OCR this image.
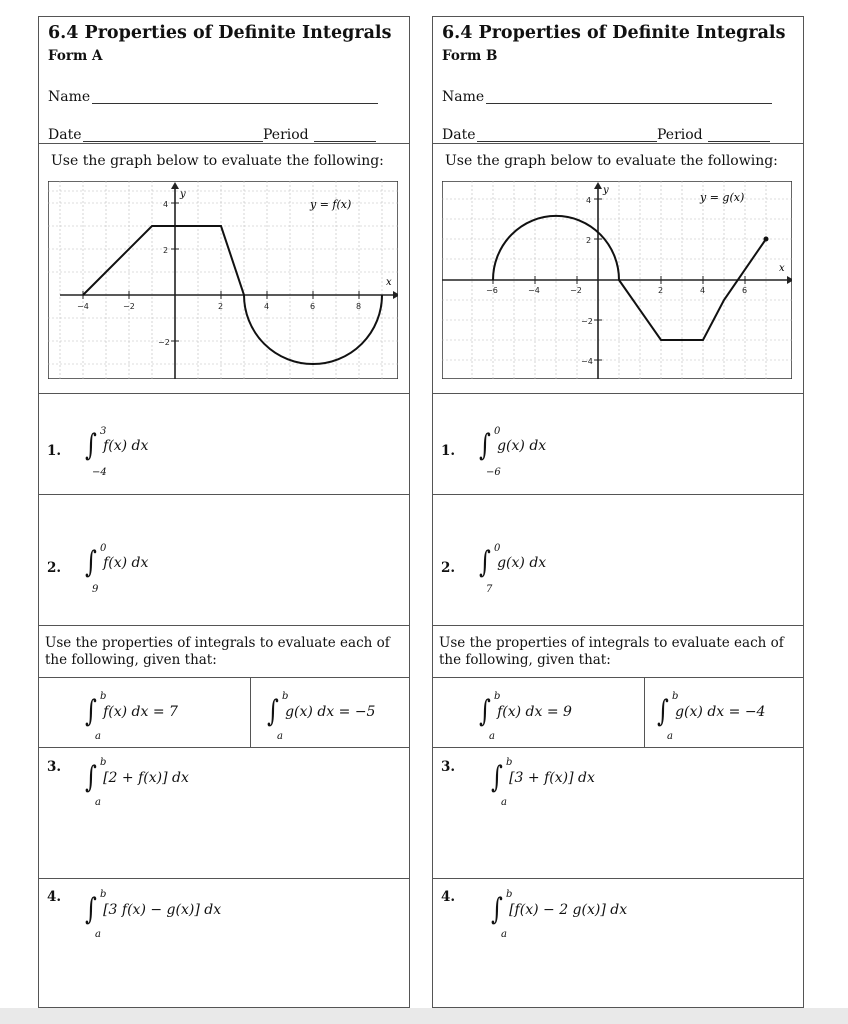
6.4 Properties of Definite Integrals
Form A
Name
Date	Period
Use the graph below to evaluate the following:
−4	−2	2	4	6	8
4
2
−2
y
x
y = f(x)
1. ∫ 3
−4
f(x) dx
2. ∫ 0
9
f(x) dx
Use the properties of integrals to evaluate each of the following, given that:
∫ b
a
f(x) dx = 7	∫ b
a
g(x) dx = −5
3. ∫ b
a
[2 + f(x)] dx
4. ∫ b
a
[3 f(x) − g(x)] dx
6.4 Properties of Definite Integrals
Form B
Name
Date	Period
Use the graph below to evaluate the following:
−6	−4	−2	2	4	6
4
2
−2
−4
y
x
y = g(x)
1. ∫ 0
−6
g(x) dx
2. ∫ 0
7
g(x) dx
Use the properties of integrals to evaluate each of the following, given that:
∫ b
a
f(x) dx = 9	∫ b
a
g(x) dx = −4
3. ∫ b
a
[3 + f(x)] dx
4. ∫ b
a
[f(x) − 2 g(x)] dx
